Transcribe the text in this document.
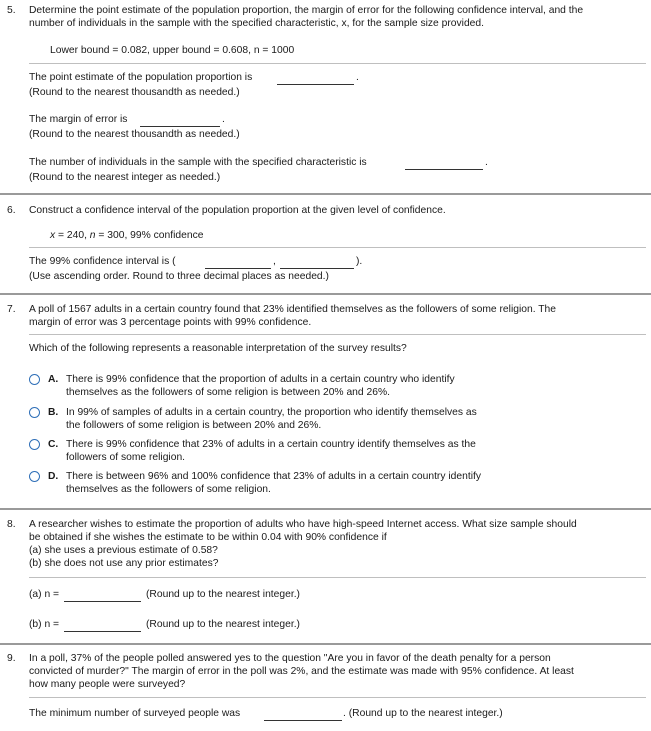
5. Determine the point estimate of the population proportion, the margin of error for the following confidence interval, and the
number of individuals in the sample with the specified characteristic, x, for the sample size provided.
Lower bound = 0.082, upper bound = 0.608, n = 1000
The point estimate of the population proportion is	.
(Round to the nearest thousandth as needed.)
The margin of error is	.
(Round to the nearest thousandth as needed.)
The number of individuals in the sample with the specified characteristic is	.
(Round to the nearest integer as needed.)
6. Construct a confidence interval of the population proportion at the given level of confidence.
x = 240, n = 300, 99% confidence
The 99% confidence interval is (	,	).
(Use ascending order. Round to three decimal places as needed.)
7. A poll of 1567 adults in a certain country found that 23% identified themselves as the followers of some religion. The
margin of error was 3 percentage points with 99% confidence.
Which of the following represents a reasonable interpretation of the survey results?
A. There is 99% confidence that the proportion of adults in a certain country who identify
themselves as the followers of some religion is between 20% and 26%.
B. In 99% of samples of adults in a certain country, the proportion who identify themselves as
the followers of some religion is between 20% and 26%.
C. There is 99% confidence that 23% of adults in a certain country identify themselves as the
followers of some religion.
D. There is between 96% and 100% confidence that 23% of adults in a certain country identify
themselves as the followers of some religion.
8. A researcher wishes to estimate the proportion of adults who have high-speed Internet access. What size sample should
be obtained if she wishes the estimate to be within 0.04 with 90% confidence if
(a) she uses a previous estimate of 0.58?
(b) she does not use any prior estimates?
(a) n =	(Round up to the nearest integer.)
(b) n =	(Round up to the nearest integer.)
9. In a poll, 37% of the people polled answered yes to the question "Are you in favor of the death penalty for a person
convicted of murder?" The margin of error in the poll was 2%, and the estimate was made with 95% confidence. At least
how many people were surveyed?
The minimum number of surveyed people was	. (Round up to the nearest integer.)
